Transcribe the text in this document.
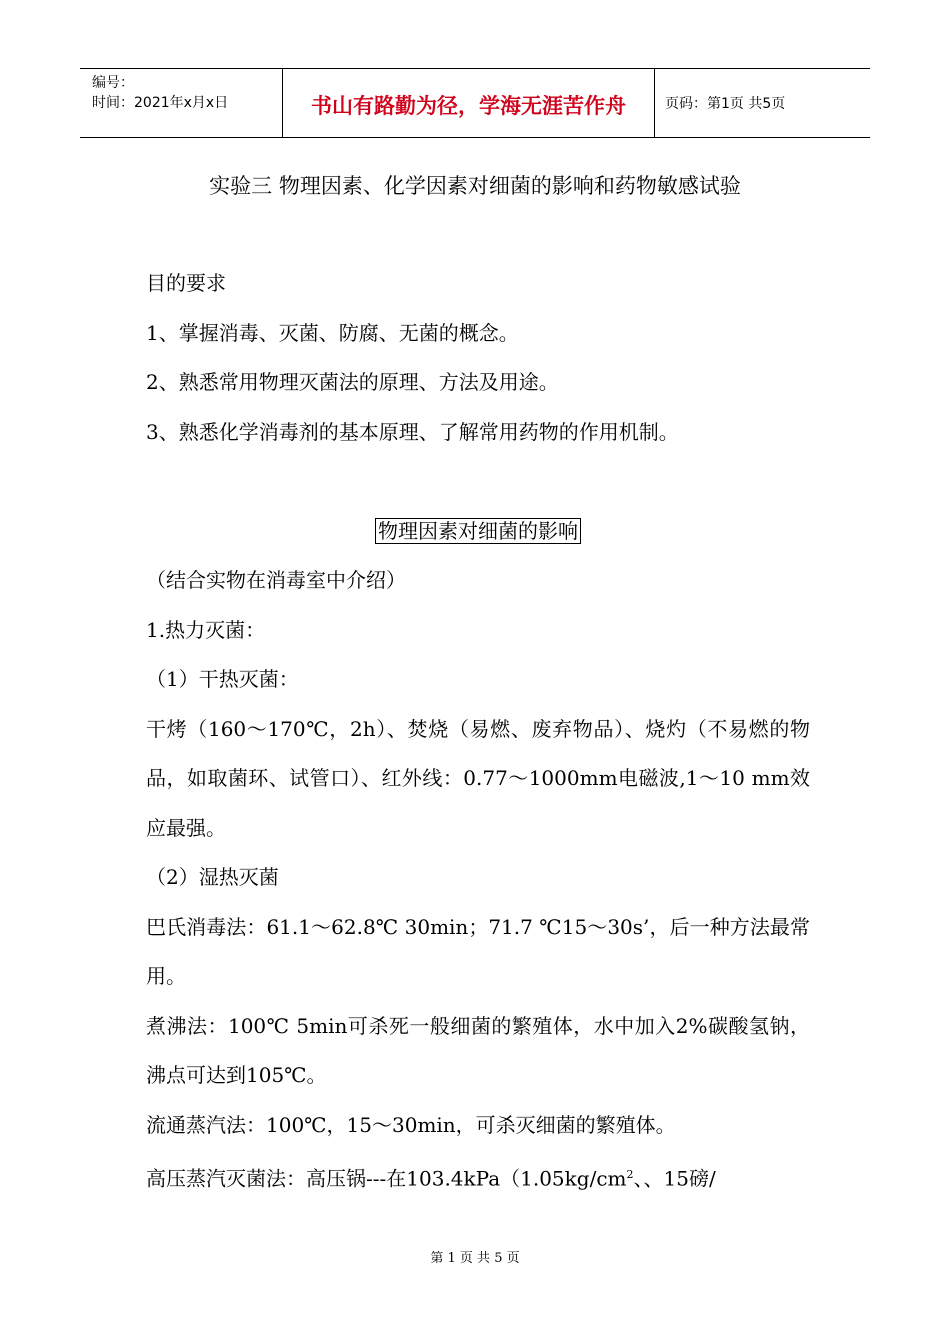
编号：
时间：2021年x月x日	书山有路勤为径，学海无涯苦作舟	页码：第1页 共5页
实验三 物理因素、化学因素对细菌的影响和药物敏感试验

目的要求

1、掌握消毒、灭菌、防腐、无菌的概念。

2、熟悉常用物理灭菌法的原理、方法及用途。

3、熟悉化学消毒剂的基本原理、了解常用药物的作用机制。

物理因素对细菌的影响

（结合实物在消毒室中介绍）

1.热力灭菌：

（1）干热灭菌：

干烤（160～170℃，2h）、焚烧（易燃、废弃物品）、烧灼（不易燃的物品，如取菌环、试管口）、红外线：0.77～1000mm电磁波,1～10 mm效应最强。

（2）湿热灭菌

巴氏消毒法：61.1～62.8℃ 30min；71.7 ℃15～30s’，后一种方法最常用。

煮沸法：100℃ 5min可杀死一般细菌的繁殖体，水中加入2%碳酸氢钠，沸点可达到105℃。

流通蒸汽法：100℃，15～30min，可杀灭细菌的繁殖体。

高压蒸汽灭菌法：高压锅---在$103.4kPa(1.05kg/cm^2$、、15磅/

第 1 页 共 5 页
